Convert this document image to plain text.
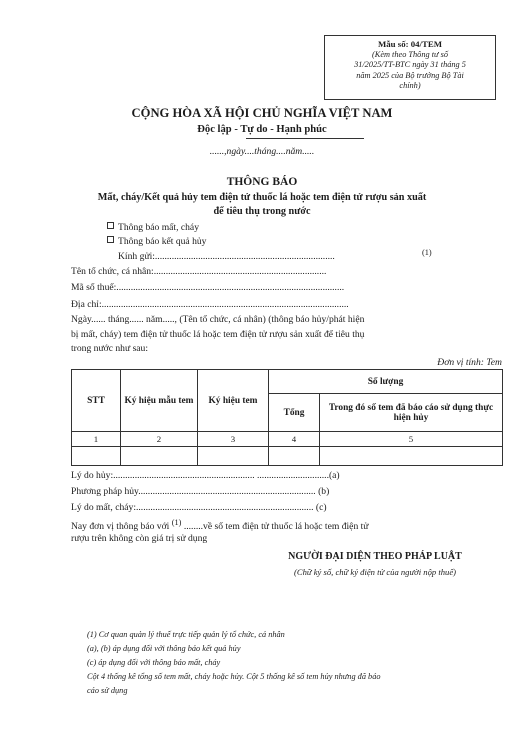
Mẫu số: 04/TEM
(Kèm theo Thông tư số
31/2025/TT-BTC ngày 31 tháng 5
năm 2025 của Bộ trưởng Bộ Tài
chính)
CỘNG HÒA XÃ HỘI CHỦ NGHĨA VIỆT NAM
Độc lập - Tự do - Hạnh phúc
......,ngày....tháng....năm.....
THÔNG BÁO
Mất, cháy/Kết quả hủy tem điện tử thuốc lá hoặc tem điện tử rượu sản xuất
để tiêu thụ trong nước
Thông báo mất, cháy
Thông báo kết quả hủy
Kính gửi:...........................................................................	(1)
Tên tổ chức, cá nhân:........................................................................
Mã số thuế:...............................................................................................
Địa chỉ:.......................................................................................................
Ngày...... tháng...... năm....., (Tên tổ chức, cá nhân) (thông báo hủy/phát hiện
bị mất, cháy) tem điện tử thuốc lá hoặc tem điện tử rượu sản xuất để tiêu thụ
trong nước như sau:
Đơn vị tính: Tem
STT	Ký hiệu mẫu tem	Ký hiệu tem	Số lượng	
			Tổng	Trong đó số tem đã báo cáo sử dụng thực hiện hủy
1	2	3	4	5

Lý do hủy:........................................................... ..............................(a)
Phương pháp hủy.......................................................................... (b)
Lý do mất, cháy:.......................................................................... (c)
Nay đơn vị thông báo với $^{(1)}$ ........về số tem điện tử thuốc lá hoặc tem điện tử
rượu trên không còn giá trị sử dụng
NGƯỜI ĐẠI DIỆN THEO PHÁP LUẬT
(Chữ ký số, chữ ký điện tử của người nộp thuế)
(1) Cơ quan quản lý thuế trực tiếp quản lý tổ chức, cá nhân
(a), (b) áp dụng đối với thông báo kết quả hủy
(c) áp dụng đối với thông báo mất, cháy
Cột 4 thống kê tổng số tem mất, cháy hoặc hủy. Cột 5 thống kê số tem hủy nhưng đã báo
cáo sử dụng
